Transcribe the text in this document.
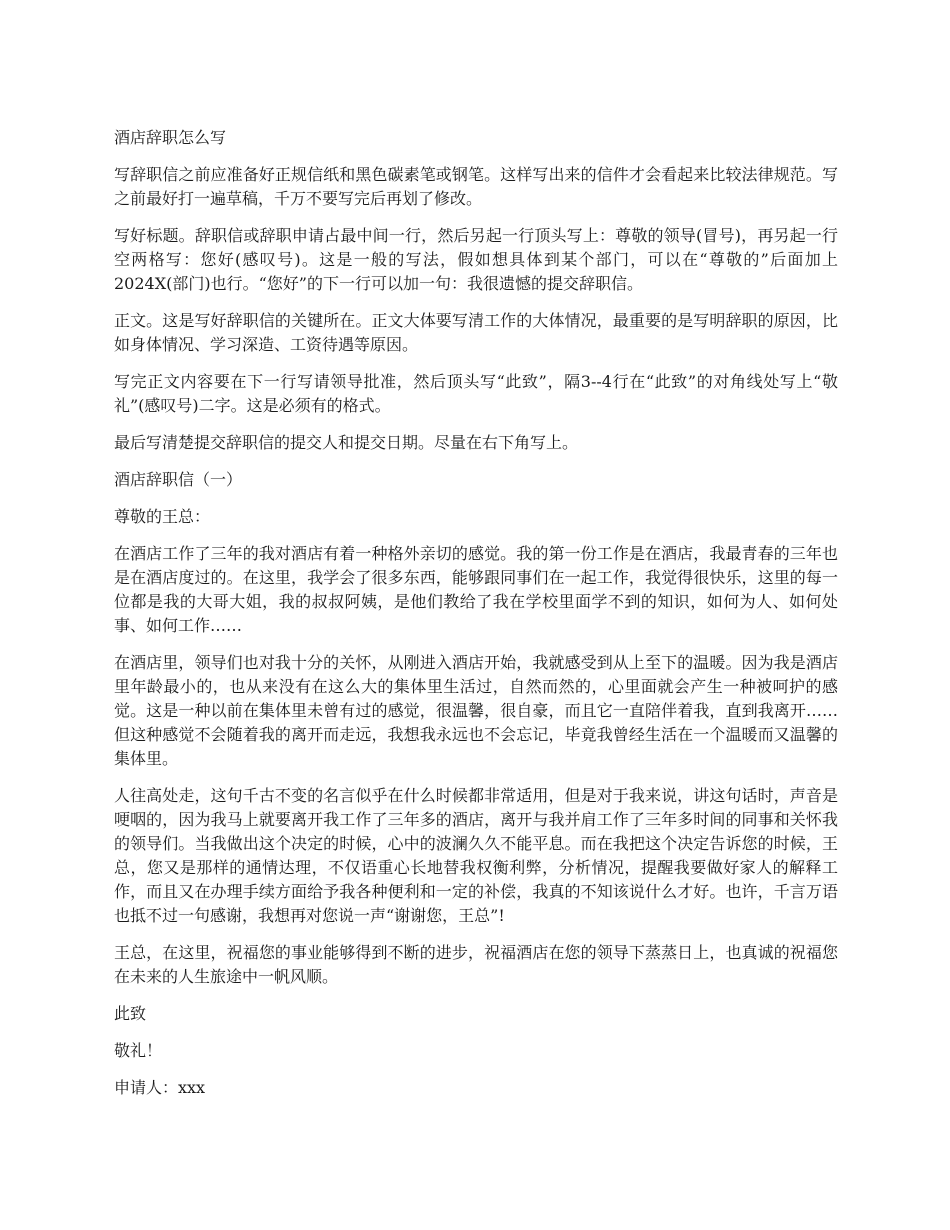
酒店辞职怎么写

写辞职信之前应准备好正规信纸和黑色碳素笔或钢笔。这样写出来的信件才会看起来比较法律规范。写之前最好打一遍草稿，千万不要写完后再划了修改。

写好标题。辞职信或辞职申请占最中间一行，然后另起一行顶头写上：尊敬的领导(冒号)，再另起一行空两格写：您好(感叹号)。这是一般的写法，假如想具体到某个部门，可以在“尊敬的”后面加上2024X(部门)也行。“您好”的下一行可以加一句：我很遗憾的提交辞职信。

正文。这是写好辞职信的关键所在。正文大体要写清工作的大体情况，最重要的是写明辞职的原因，比如身体情况、学习深造、工资待遇等原因。

写完正文内容要在下一行写请领导批准，然后顶头写“此致”，隔3--4行在“此致”的对角线处写上“敬礼”(感叹号)二字。这是必须有的格式。

最后写清楚提交辞职信的提交人和提交日期。尽量在右下角写上。

酒店辞职信（一）

尊敬的王总：

在酒店工作了三年的我对酒店有着一种格外亲切的感觉。我的第一份工作是在酒店，我最青春的三年也是在酒店度过的。在这里，我学会了很多东西，能够跟同事们在一起工作，我觉得很快乐，这里的每一位都是我的大哥大姐，我的叔叔阿姨，是他们教给了我在学校里面学不到的知识，如何为人、如何处事、如何工作……

在酒店里，领导们也对我十分的关怀，从刚进入酒店开始，我就感受到从上至下的温暖。因为我是酒店里年龄最小的，也从来没有在这么大的集体里生活过，自然而然的，心里面就会产生一种被呵护的感觉。这是一种以前在集体里未曾有过的感觉，很温馨，很自豪，而且它一直陪伴着我，直到我离开……但这种感觉不会随着我的离开而走远，我想我永远也不会忘记，毕竟我曾经生活在一个温暖而又温馨的集体里。

人往高处走，这句千古不变的名言似乎在什么时候都非常适用，但是对于我来说，讲这句话时，声音是哽咽的，因为我马上就要离开我工作了三年多的酒店，离开与我并肩工作了三年多时间的同事和关怀我的领导们。当我做出这个决定的时候，心中的波澜久久不能平息。而在我把这个决定告诉您的时候，王总，您又是那样的通情达理，不仅语重心长地替我权衡利弊，分析情况，提醒我要做好家人的解释工作，而且又在办理手续方面给予我各种便利和一定的补偿，我真的不知该说什么才好。也许，千言万语也抵不过一句感谢，我想再对您说一声“谢谢您，王总”!

王总，在这里，祝福您的事业能够得到不断的进步，祝福酒店在您的领导下蒸蒸日上，也真诚的祝福您在未来的人生旅途中一帆风顺。

此致

敬礼！

申请人：xxx
